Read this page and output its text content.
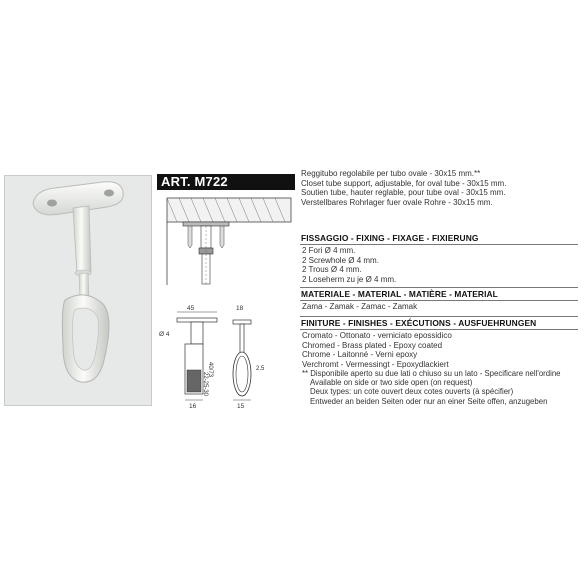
ART. M722
45
Ø 4
16
40/73
22-25-30
18
2.5
15
Reggitubo regolabile per tubo ovale - 30x15 mm.**
Closet tube support, adjustable, for oval tube - 30x15 mm.
Soutien tube, hauter reglable, pour tube oval - 30x15 mm.
Verstellbares Rohrlager fuer ovale Rohre - 30x15 mm.
FISSAGGIO - FIXING - FIXAGE - FIXIERUNG
2 Fori Ø 4 mm.
2 Screwhole Ø 4 mm.
2 Trous Ø 4 mm.
2 Loseherm zu je Ø 4 mm.
MATERIALE - MATERIAL - MATIÈRE - MATERIAL
Zama - Zamak - Zamac - Zamak
FINITURE - FINISHES - EXÉCUTIONS - AUSFUEHRUNGEN
Cromato - Ottonato - verniciato epossidico
Chromed - Brass plated - Epoxy coated
Chrome - Laitonné - Verni epoxy
Verchromt - Vermessingt - Epoxydlackiert
** Disponibile aperto su due lati o chiuso su un lato - Specificare nell'ordine
Available on side or two side open (on request)
Deux types: un cote ouvert deux cotes ouverts (à spécifier)
Entweder an beiden Seiten oder nur an einer Seite offen, anzugeben
